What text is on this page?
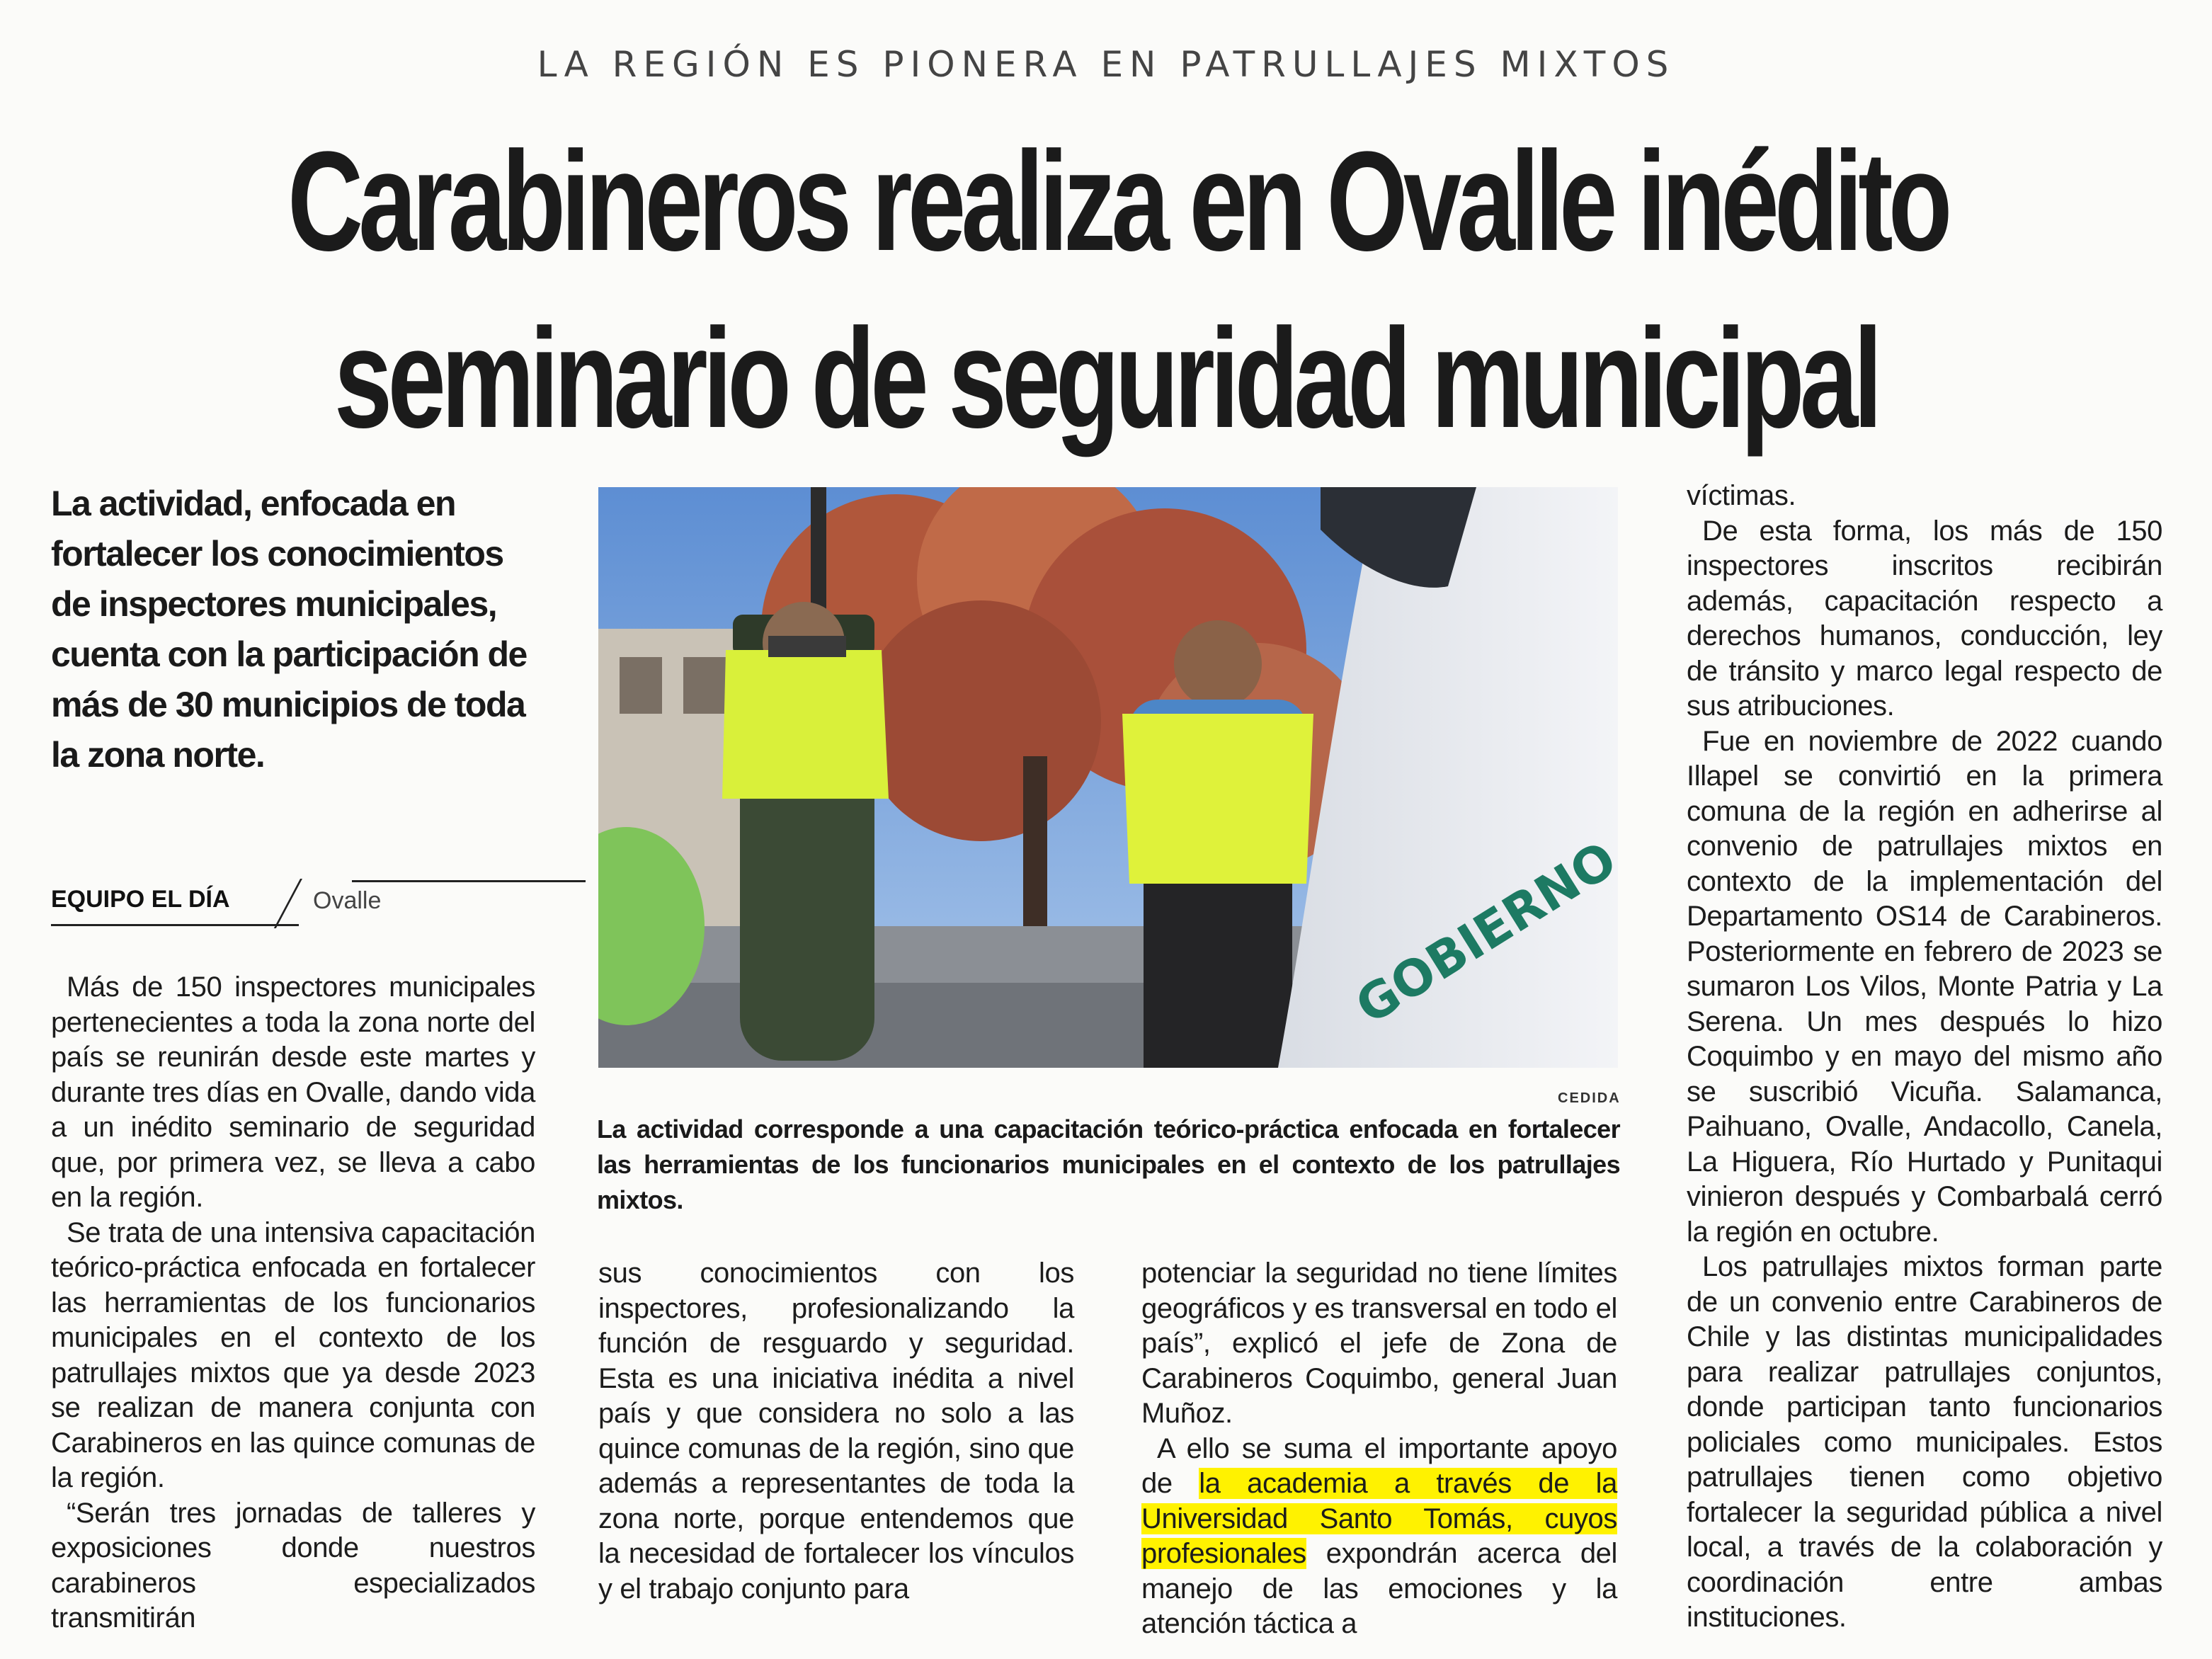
LA REGIÓN ES PIONERA EN PATRULLAJES MIXTOS
Carabineros realiza en Ovalle inédito
seminario de seguridad municipal
La actividad, enfocada en fortalecer los conocimientos de inspectores municipales, cuenta con la participación de más de 30 municipios de toda la zona norte.
EQUIPO EL DÍA	Ovalle

Más de 150 inspectores municipales pertenecientes a toda la zona norte del país se reunirán desde este martes y durante tres días en Ovalle, dando vida a un inédito seminario de seguridad que, por primera vez, se lleva a cabo en la región.

Se trata de una intensiva capacitación teórico-práctica enfocada en fortalecer las herramientas de los funcionarios municipales en el contexto de los patrullajes mixtos que ya desde 2023 se realizan de manera conjunta con Carabineros en las quince comunas de la región.

“Serán tres jornadas de talleres y exposiciones donde nuestros carabineros especializados transmitirán

CEDIDA
La actividad corresponde a una capacitación teórico-práctica enfocada en fortalecer las herramientas de los funcionarios municipales en el contexto de los patrullajes mixtos.

sus conocimientos con los inspectores, profesionalizando la función de resguardo y seguridad. Esta es una iniciativa inédita a nivel país y que considera no solo a las quince comunas de la región, sino que además a representantes de toda la zona norte, porque entendemos que la necesidad de fortalecer los vínculos y el trabajo conjunto para

potenciar la seguridad no tiene límites geográficos y es transversal en todo el país”, explicó el jefe de Zona de Carabineros Coquimbo, general Juan Muñoz.

A ello se suma el importante apoyo de la academia a través de la Universidad Santo Tomás, cuyos profesionales expondrán acerca del manejo de las emociones y la atención táctica a

víctimas.

De esta forma, los más de 150 inspectores inscritos recibirán además, capacitación respecto a derechos humanos, conducción, ley de tránsito y marco legal respecto de sus atribuciones.

Fue en noviembre de 2022 cuando Illapel se convirtió en la primera comuna de la región en adherirse al convenio de patrullajes mixtos en contexto de la implementación del Departamento OS14 de Carabineros. Posteriormente en febrero de 2023 se sumaron Los Vilos, Monte Patria y La Serena. Un mes después lo hizo Coquimbo y en mayo del mismo año se suscribió Vicuña. Salamanca, Paihuano, Ovalle, Andacollo, Canela, La Higuera, Río Hurtado y Punitaqui vinieron después y Combarbalá cerró la región en octubre.

Los patrullajes mixtos forman parte de un convenio entre Carabineros de Chile y las distintas municipalidades para realizar patrullajes conjuntos, donde participan tanto funcionarios policiales como municipales. Estos patrullajes tienen como objetivo fortalecer la seguridad pública a nivel local, a través de la colaboración y coordinación entre ambas instituciones.
